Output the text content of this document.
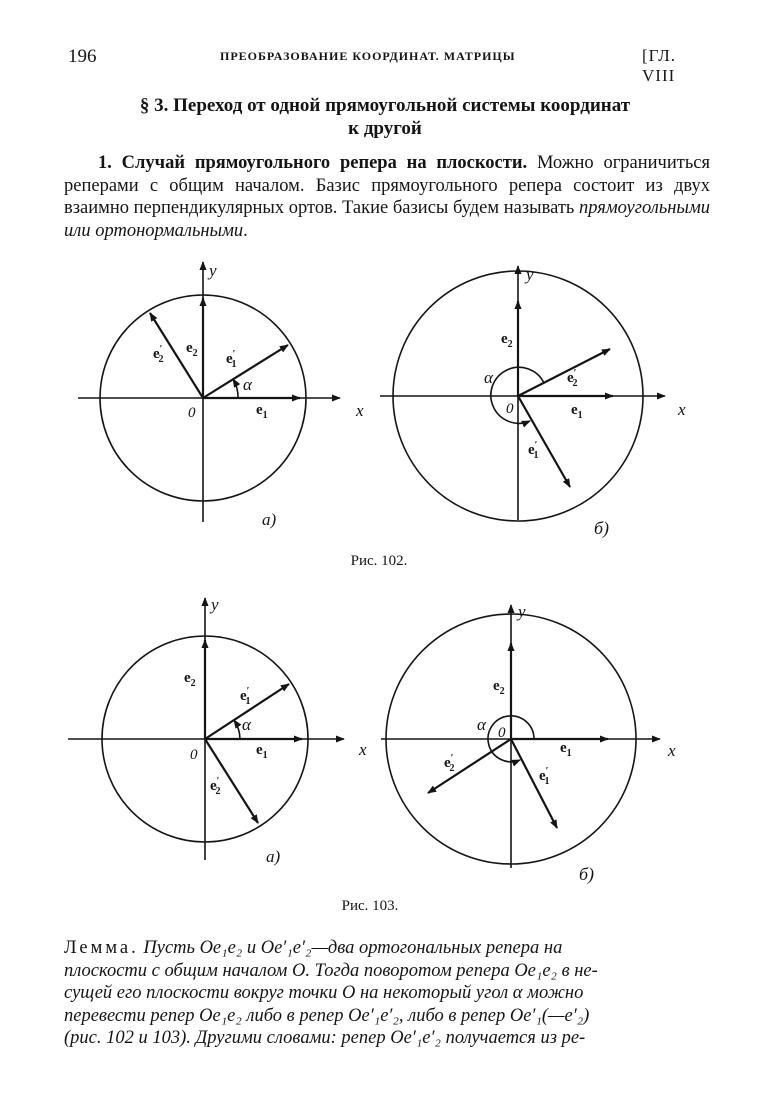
196	ПРЕОБРАЗОВАНИЕ КООРДИНАТ. МАТРИЦЫ	[ГЛ. VIII
§ 3. Переход от одной прямоугольной системы координат
к другой
1. Случай прямоугольного репера на плоскости. Можно ограничиться реперами с общим началом. Базис прямоугольного репера состоит из двух взаимно перпендикулярных ортов. Такие базисы будем называть прямоугольными или ортонормальными.
y
x
0
α
$e_1$
$e_2$ e′ 1
e′ 2
a)
y
x
0
α
$e_1$
$e_2$
e′ 2
e′ 1
б)
y
x
0
α
$e_1$
$e_2$
e′ 1
e′ 2
a)
y
x
0
α
$e_1$
$e_2$
e′ 1
e′ 2
б)
Рис. 102.
Рис. 103.
Лемма. Пусть Oe₁e₂ и Oe′₁e′₂—два ортогональных репера на
плоскости с общим началом O. Тогда поворотом репера Oe₁e₂ в не-
сущей его плоскости вокруг точки O на некоторый угол α можно
перевести репер Oe₁e₂ либо в репер Oe′₁e′₂, либо в репер Oe′₁(—e′₂)
(рис. 102 и 103). Другими словами: репер Oe′₁e′₂ получается из ре-
